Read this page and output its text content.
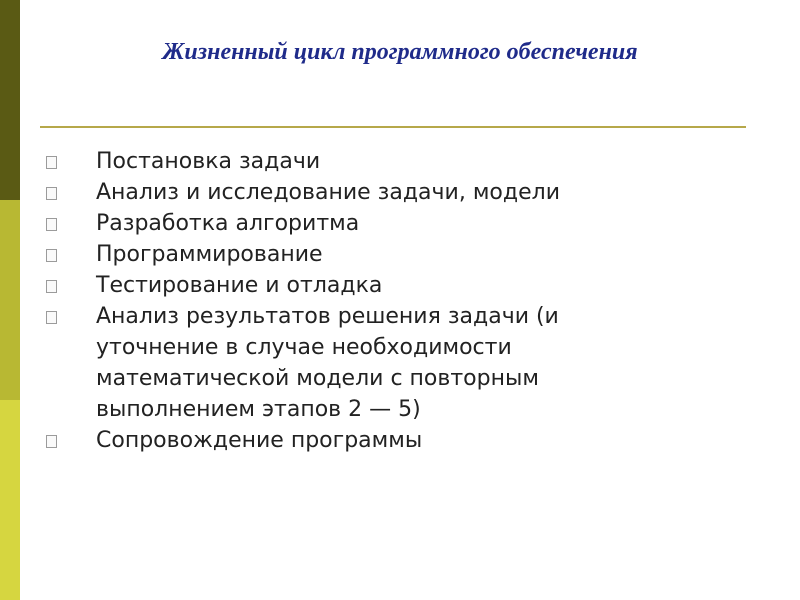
Жизненный цикл программного обеспечения
Постановка задачи
Анализ и исследование задачи, модели
Разработка алгоритма
Программирование
Тестирование и отладка
Анализ результатов решения задачи (и уточнение в случае необходимости математической модели с повторным выполнением этапов 2 — 5)
Сопровождение программы
